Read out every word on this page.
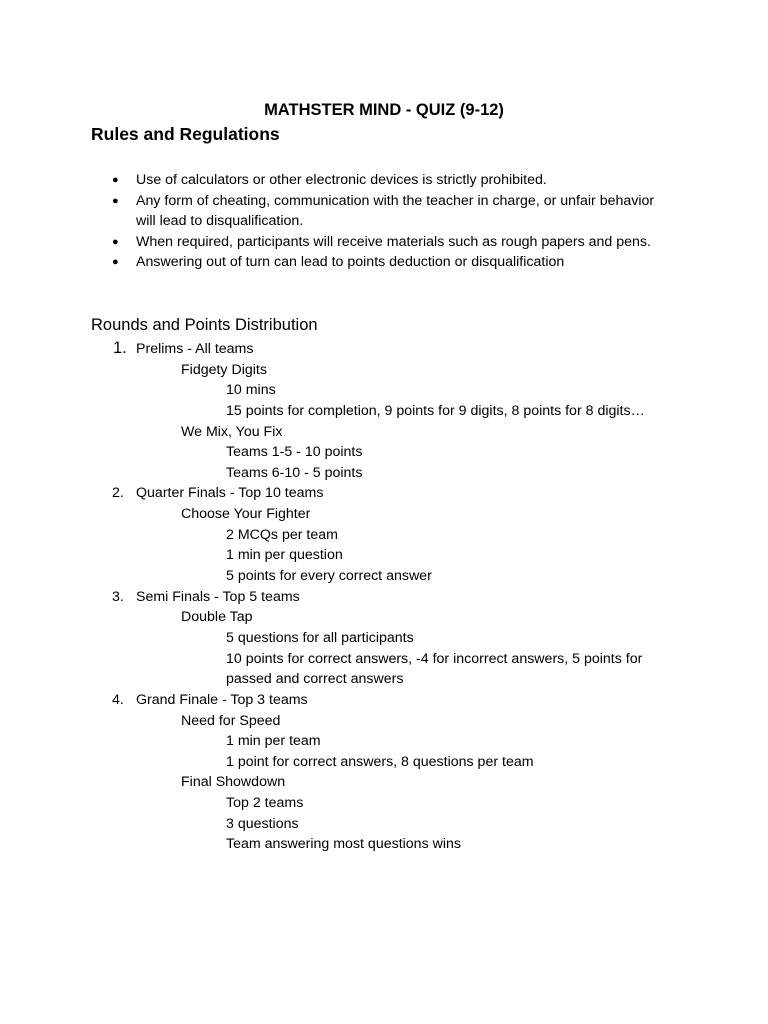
MATHSTER MIND - QUIZ (9-12)
Rules and Regulations
● Use of calculators or other electronic devices is strictly prohibited.
● Any form of cheating, communication with the teacher in charge, or unfair behavior will lead to disqualification.
● When required, participants will receive materials such as rough papers and pens.
● Answering out of turn can lead to points deduction or disqualification
Rounds and Points Distribution
1. Prelims - All teams
Fidgety Digits
10 mins
15 points for completion, 9 points for 9 digits, 8 points for 8 digits…
We Mix, You Fix
Teams 1-5 - 10 points
Teams 6-10 - 5 points
2. Quarter Finals - Top 10 teams
Choose Your Fighter
2 MCQs per team
1 min per question
5 points for every correct answer
3. Semi Finals - Top 5 teams
Double Tap
5 questions for all participants
10 points for correct answers, -4 for incorrect answers, 5 points for
passed and correct answers
4. Grand Finale - Top 3 teams
Need for Speed
1 min per team
1 point for correct answers, 8 questions per team
Final Showdown
Top 2 teams
3 questions
Team answering most questions wins
